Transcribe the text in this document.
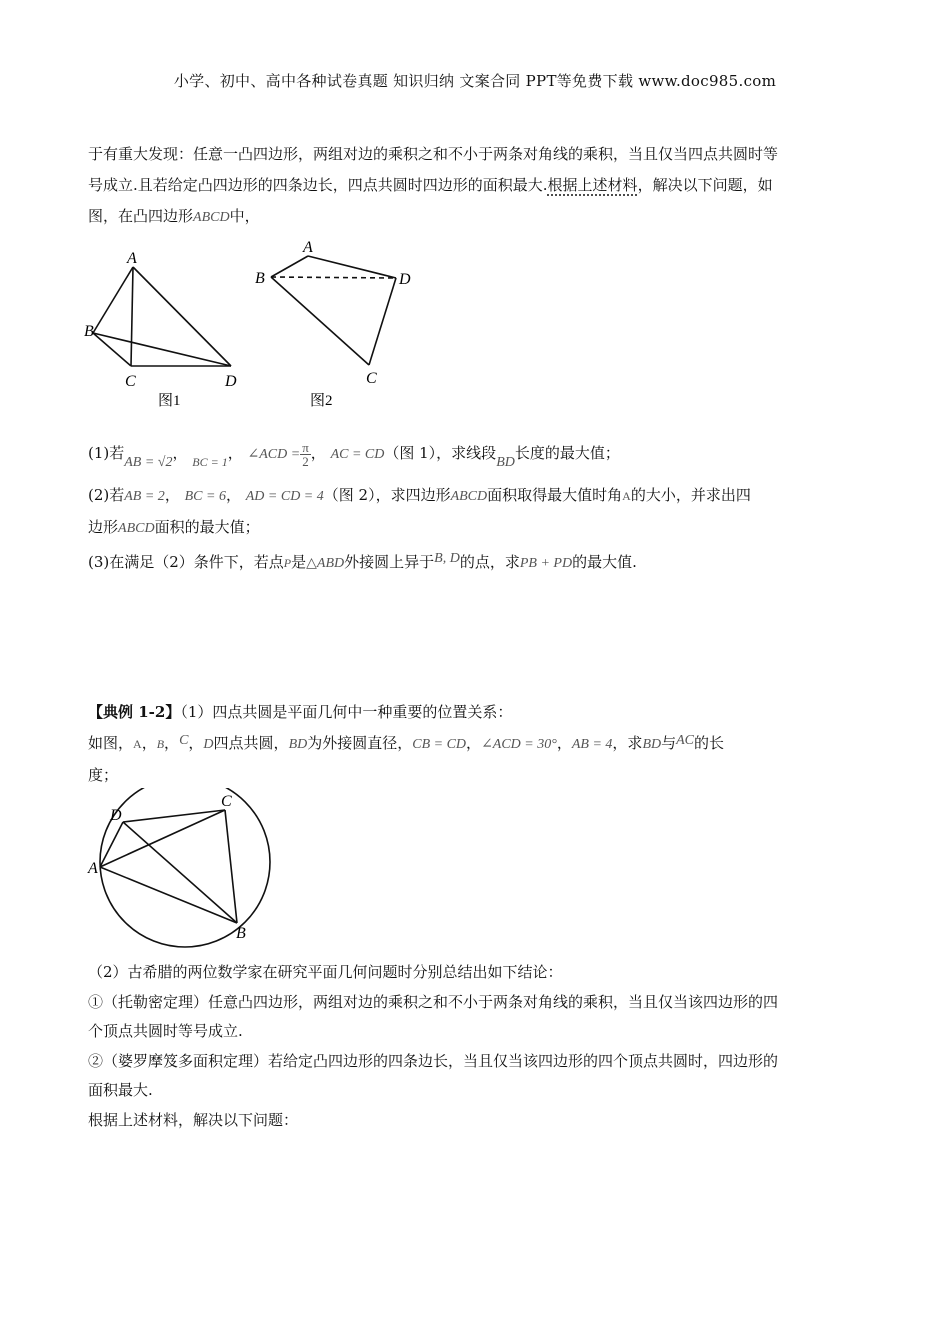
小学、初中、高中各种试卷真题 知识归纳 文案合同 PPT等免费下载 www.doc985.com
于有重大发现：任意一凸四边形，两组对边的乘积之和不小于两条对角线的乘积，当且仅当四点共圆时等
号成立.且若给定凸四边形的四条边长，四点共圆时四边形的面积最大.根据上述材料，解决以下问题，如
图，在凸四边形ABCD中，
A
B
C	D
图1
A
B	D
C
图2
(1)若AB = √2， $_{BC = 1}$， ∠ACD = $\frac{\pi}{2}$ ， AC = CD（图 1），求线段BD长度的最大值；
(2)若AB = 2， BC = 6， AD = CD = 4（图 2），求四边形ABCD面积取得最大值时角A的大小，并求出四
边形ABCD面积的最大值；
(3)在满足（2）条件下，若点P是△ABD外接圆上异于B, D的点，求PB + PD的最大值.
【典例 1-2】（1）四点共圆是平面几何中一种重要的位置关系：
如图，A，B，C，D四点共圆，BD为外接圆直径，CB = CD，∠ACD = 30°，AB = 4，求BD与AC的长
度；
D
C
A
B
（2）古希腊的两位数学家在研究平面几何问题时分别总结出如下结论：
①（托勒密定理）任意凸四边形，两组对边的乘积之和不小于两条对角线的乘积，当且仅当该四边形的四
个顶点共圆时等号成立.
②（婆罗摩笈多面积定理）若给定凸四边形的四条边长，当且仅当该四边形的四个顶点共圆时，四边形的
面积最大.
根据上述材料，解决以下问题：
